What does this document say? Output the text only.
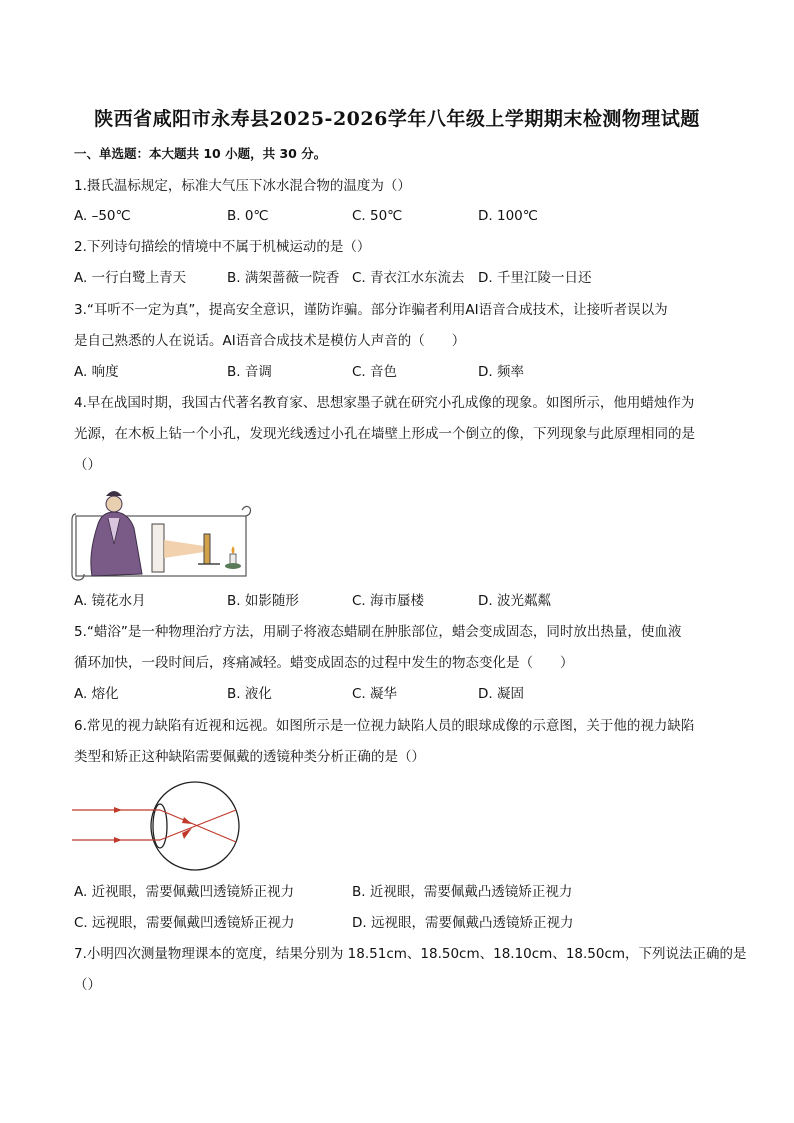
陕西省咸阳市永寿县2025-2026学年八年级上学期期末检测物理试题
一、单选题：本大题共 10 小题，共 30 分。
1.摄氏温标规定，标准大气压下冰水混合物的温度为（）
A. –50℃	B. 0℃	C. 50℃	D. 100℃
2.下列诗句描绘的情境中不属于机械运动的是（）
A. 一行白鹭上青天	B. 满架蔷薇一院香 C. 青衣江水东流去 D. 千里江陵一日还
3.“耳听不一定为真”，提高安全意识，谨防诈骗。部分诈骗者利用AI语音合成技术，让接听者误以为
是自己熟悉的人在说话。AI语音合成技术是模仿人声音的（　　）
A. 响度	B. 音调	C. 音色	D. 频率
4.早在战国时期，我国古代著名教育家、思想家墨子就在研究小孔成像的现象。如图所示，他用蜡烛作为
光源，在木板上钻一个小孔，发现光线透过小孔在墙壁上形成一个倒立的像，下列现象与此原理相同的是
（）
A. 镜花水月	B. 如影随形	C. 海市蜃楼	D. 波光粼粼
5.“蜡浴”是一种物理治疗方法，用刷子将液态蜡刷在肿胀部位，蜡会变成固态，同时放出热量，使血液
循环加快，一段时间后，疼痛减轻。蜡变成固态的过程中发生的物态变化是（　　）
A. 熔化	B. 液化	C. 凝华	D. 凝固
6.常见的视力缺陷有近视和远视。如图所示是一位视力缺陷人员的眼球成像的示意图，关于他的视力缺陷
类型和矫正这种缺陷需要佩戴的透镜种类分析正确的是（）
A. 近视眼，需要佩戴凹透镜矫正视力	B. 近视眼，需要佩戴凸透镜矫正视力
C. 远视眼，需要佩戴凹透镜矫正视力	D. 远视眼，需要佩戴凸透镜矫正视力
7.小明四次测量物理课本的宽度，结果分别为 18.51cm、18.50cm、18.10cm、18.50cm，下列说法正确的是
（）
